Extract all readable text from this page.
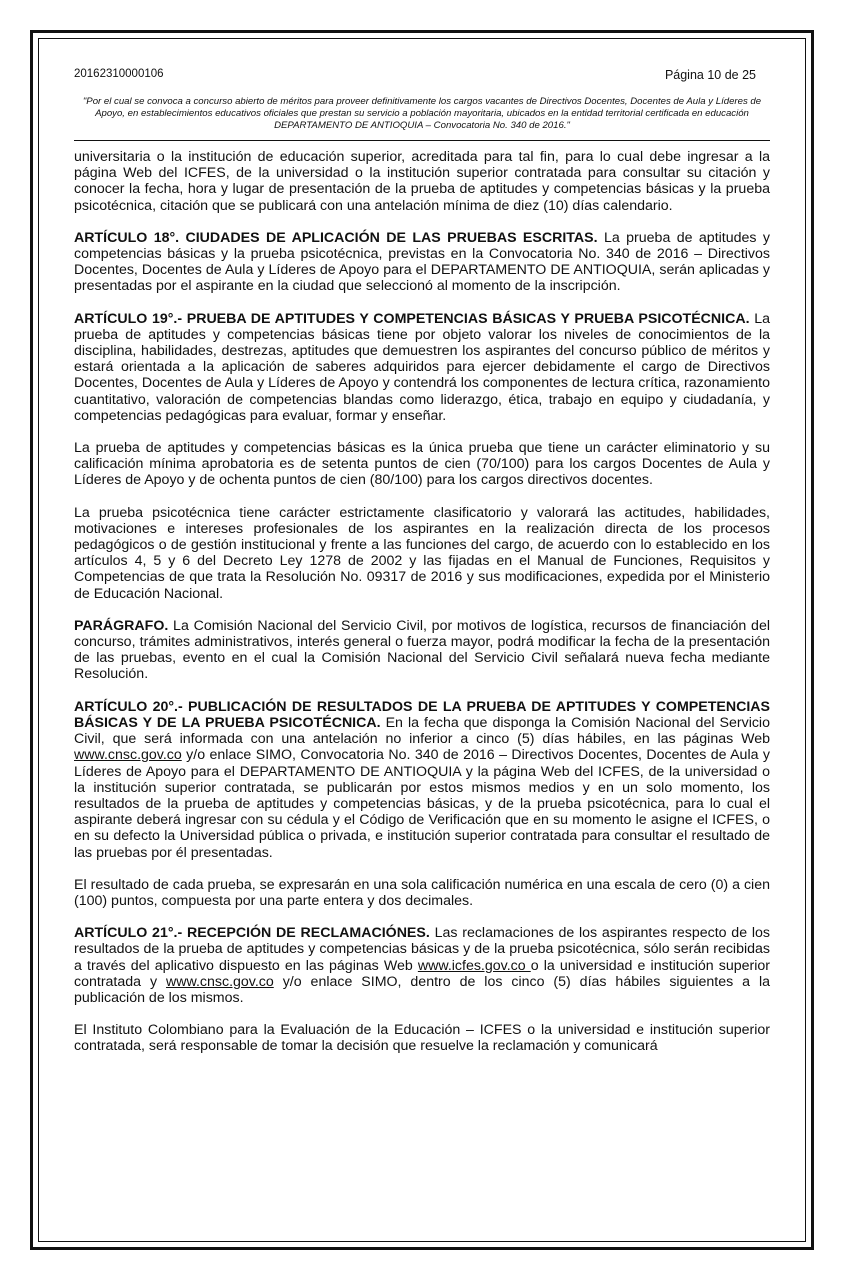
20162310000106	Página 10 de 25

"Por el cual se convoca a concurso abierto de méritos para proveer definitivamente los cargos vacantes de Directivos Docentes, Docentes de Aula y Líderes de Apoyo, en establecimientos educativos oficiales que prestan su servicio a población mayoritaria, ubicados en la entidad territorial certificada en educación DEPARTAMENTO DE ANTIOQUIA – Convocatoria No. 340 de 2016."

universitaria o la institución de educación superior, acreditada para tal fin, para lo cual debe ingresar a la página Web del ICFES, de la universidad o la institución superior contratada para consultar su citación y conocer la fecha, hora y lugar de presentación de la prueba de aptitudes y competencias básicas y la prueba psicotécnica, citación que se publicará con una antelación mínima de diez (10) días calendario.

ARTÍCULO 18°. CIUDADES DE APLICACIÓN DE LAS PRUEBAS ESCRITAS. La prueba de aptitudes y competencias básicas y la prueba psicotécnica, previstas en la Convocatoria No. 340 de 2016 – Directivos Docentes, Docentes de Aula y Líderes de Apoyo para el DEPARTAMENTO DE ANTIOQUIA, serán aplicadas y presentadas por el aspirante en la ciudad que seleccionó al momento de la inscripción.

ARTÍCULO 19°.- PRUEBA DE APTITUDES Y COMPETENCIAS BÁSICAS Y PRUEBA PSICOTÉCNICA. La prueba de aptitudes y competencias básicas tiene por objeto valorar los niveles de conocimientos de la disciplina, habilidades, destrezas, aptitudes que demuestren los aspirantes del concurso público de méritos y estará orientada a la aplicación de saberes adquiridos para ejercer debidamente el cargo de Directivos Docentes, Docentes de Aula y Líderes de Apoyo y contendrá los componentes de lectura crítica, razonamiento cuantitativo, valoración de competencias blandas como liderazgo, ética, trabajo en equipo y ciudadanía, y competencias pedagógicas para evaluar, formar y enseñar.

La prueba de aptitudes y competencias básicas es la única prueba que tiene un carácter eliminatorio y su calificación mínima aprobatoria es de setenta puntos de cien (70/100) para los cargos Docentes de Aula y Líderes de Apoyo y de ochenta puntos de cien (80/100) para los cargos directivos docentes.

La prueba psicotécnica tiene carácter estrictamente clasificatorio y valorará las actitudes, habilidades, motivaciones e intereses profesionales de los aspirantes en la realización directa de los procesos pedagógicos o de gestión institucional y frente a las funciones del cargo, de acuerdo con lo establecido en los artículos 4, 5 y 6 del Decreto Ley 1278 de 2002 y las fijadas en el Manual de Funciones, Requisitos y Competencias de que trata la Resolución No. 09317 de 2016 y sus modificaciones, expedida por el Ministerio de Educación Nacional.

PARÁGRAFO. La Comisión Nacional del Servicio Civil, por motivos de logística, recursos de financiación del concurso, trámites administrativos, interés general o fuerza mayor, podrá modificar la fecha de la presentación de las pruebas, evento en el cual la Comisión Nacional del Servicio Civil señalará nueva fecha mediante Resolución.

ARTÍCULO 20°.- PUBLICACIÓN DE RESULTADOS DE LA PRUEBA DE APTITUDES Y COMPETENCIAS BÁSICAS Y DE LA PRUEBA PSICOTÉCNICA. En la fecha que disponga la Comisión Nacional del Servicio Civil, que será informada con una antelación no inferior a cinco (5) días hábiles, en las páginas Web www.cnsc.gov.co y/o enlace SIMO, Convocatoria No. 340 de 2016 – Directivos Docentes, Docentes de Aula y Líderes de Apoyo para el DEPARTAMENTO DE ANTIOQUIA y la página Web del ICFES, de la universidad o la institución superior contratada, se publicarán por estos mismos medios y en un solo momento, los resultados de la prueba de aptitudes y competencias básicas, y de la prueba psicotécnica, para lo cual el aspirante deberá ingresar con su cédula y el Código de Verificación que en su momento le asigne el ICFES, o en su defecto la Universidad pública o privada, e institución superior contratada para consultar el resultado de las pruebas por él presentadas.

El resultado de cada prueba, se expresarán en una sola calificación numérica en una escala de cero (0) a cien (100) puntos, compuesta por una parte entera y dos decimales.

ARTÍCULO 21°.- RECEPCIÓN DE RECLAMACIÓNES. Las reclamaciones de los aspirantes respecto de los resultados de la prueba de aptitudes y competencias básicas y de la prueba psicotécnica, sólo serán recibidas a través del aplicativo dispuesto en las páginas Web www.icfes.gov.co o la universidad e institución superior contratada y www.cnsc.gov.co y/o enlace SIMO, dentro de los cinco (5) días hábiles siguientes a la publicación de los mismos.

El Instituto Colombiano para la Evaluación de la Educación – ICFES o la universidad e institución superior contratada, será responsable de tomar la decisión que resuelve la reclamación y comunicará
